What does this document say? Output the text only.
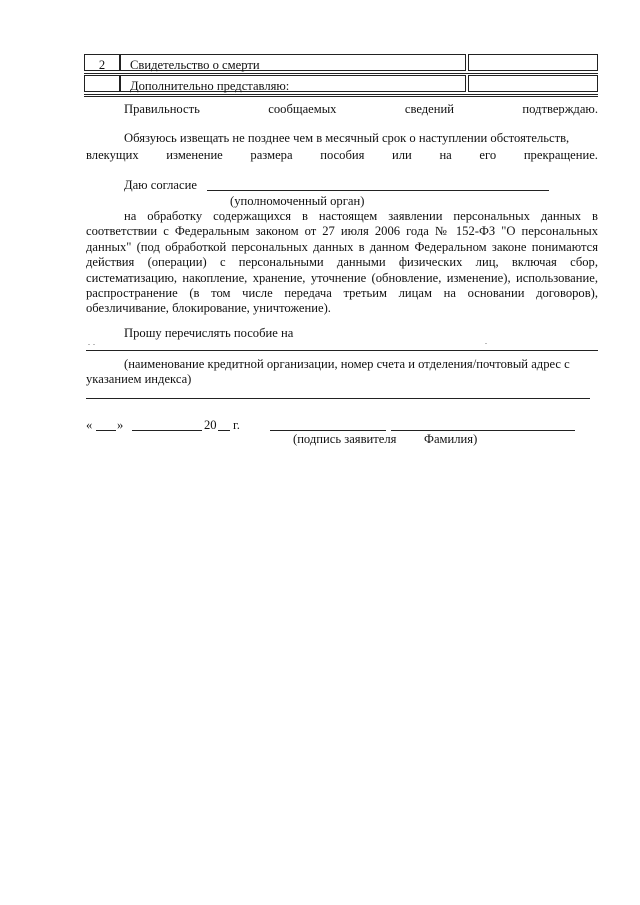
2	Свидетельство о смерти
Дополнительно представляю:
Правильность	сообщаемых	сведений	подтверждаю.
Обязуюсь извещать не позднее чем в месячный срок о наступлении обстоятельств,
влекущих изменение размера пособия или на его прекращение.
Даю согласие
(уполномоченный орган)
на обработку содержащихся в настоящем заявлении персональных данных в соответствии с Федеральным законом от 27 июля 2006 года № 152-ФЗ "О персональных данных" (под обработкой персональных данных в данном Федеральном законе понимаются действия (операции) с персональными данными физических лиц, включая сбор, систематизацию, накопление, хранение, уточнение (обновление, изменение), использование, распространение (в том числе передача третьим лицам на основании договоров), обезличивание, блокирование, уничтожение).
Прошу перечислять пособие на
(наименование кредитной организации, номер счета и отделения/почтовый адрес с
указанием индекса)
« »	20 г.
(подпись заявителя Фамилия)
